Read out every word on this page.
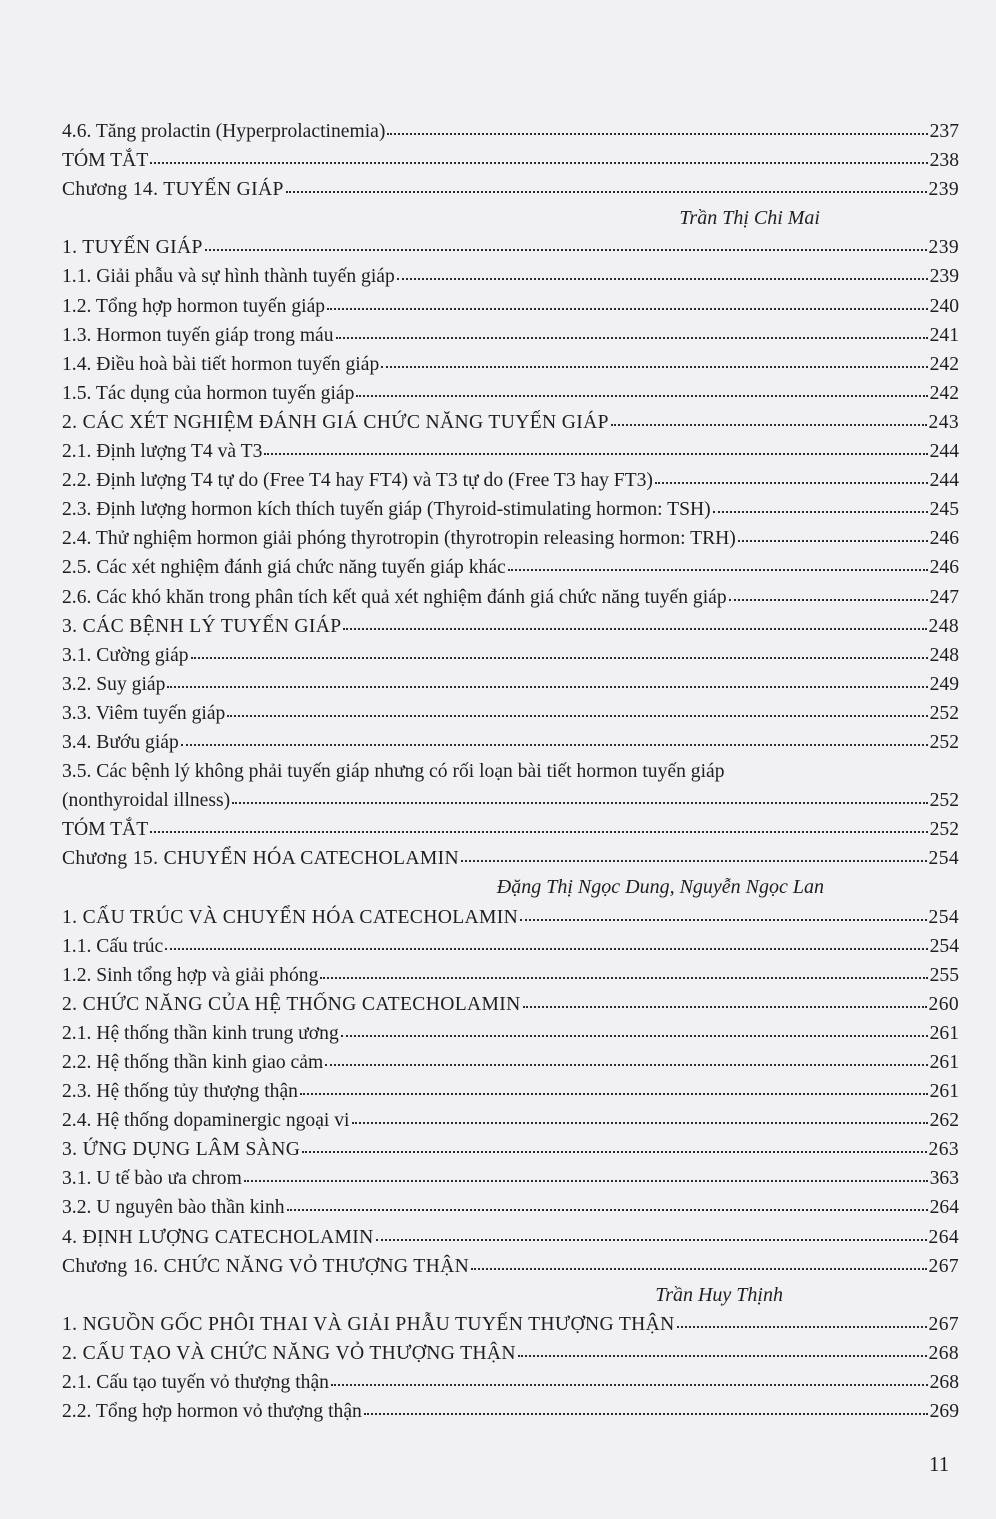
4.6. Tăng prolactin (Hyperprolactinemia)	237
TÓM TẮT	238
Chương 14. TUYẾN GIÁP	239
Trần Thị Chi Mai
1. TUYẾN GIÁP	239
1.1. Giải phẫu và sự hình thành tuyến giáp	239
1.2. Tổng hợp hormon tuyến giáp	240
1.3. Hormon tuyến giáp trong máu	241
1.4. Điều hoà bài tiết hormon tuyến giáp	242
1.5. Tác dụng của hormon tuyến giáp	242
2. CÁC XÉT NGHIỆM ĐÁNH GIÁ CHỨC NĂNG TUYẾN GIÁP	243
2.1. Định lượng T4 và T3	244
2.2. Định lượng T4 tự do (Free T4 hay FT4) và T3 tự do (Free T3 hay FT3)	244
2.3. Định lượng hormon kích thích tuyến giáp (Thyroid-stimulating hormon: TSH)	245
2.4. Thử nghiệm hormon giải phóng thyrotropin (thyrotropin releasing hormon: TRH)	246
2.5. Các xét nghiệm đánh giá chức năng tuyến giáp khác	246
2.6. Các khó khăn trong phân tích kết quả xét nghiệm đánh giá chức năng tuyến giáp	247
3. CÁC BỆNH LÝ TUYẾN GIÁP	248
3.1. Cường giáp	248
3.2. Suy giáp	249
3.3. Viêm tuyến giáp	252
3.4. Bướu giáp	252
3.5. Các bệnh lý không phải tuyến giáp nhưng có rối loạn bài tiết hormon tuyến giáp
(nonthyroidal illness)	252
TÓM TẮT	252
Chương 15. CHUYỂN HÓA CATECHOLAMIN	254
Đặng Thị Ngọc Dung, Nguyễn Ngọc Lan
1. CẤU TRÚC VÀ CHUYỂN HÓA CATECHOLAMIN	254
1.1. Cấu trúc	254
1.2. Sinh tổng hợp và giải phóng	255
2. CHỨC NĂNG CỦA HỆ THỐNG CATECHOLAMIN	260
2.1. Hệ thống thần kinh trung ương	261
2.2. Hệ thống thần kinh giao cảm	261
2.3. Hệ thống tủy thượng thận	261
2.4. Hệ thống dopaminergic ngoại vi	262
3. ỨNG DỤNG LÂM SÀNG	263
3.1. U tế bào ưa chrom	363
3.2. U nguyên bào thần kinh	264
4. ĐỊNH LƯỢNG CATECHOLAMIN	264
Chương 16. CHỨC NĂNG VỎ THƯỢNG THẬN	267
Trần Huy Thịnh
1. NGUỒN GỐC PHÔI THAI VÀ GIẢI PHẪU TUYẾN THƯỢNG THẬN	267
2. CẤU TẠO VÀ CHỨC NĂNG VỎ THƯỢNG THẬN	268
2.1. Cấu tạo tuyến vỏ thượng thận	268
2.2. Tổng hợp hormon vỏ thượng thận	269
11
